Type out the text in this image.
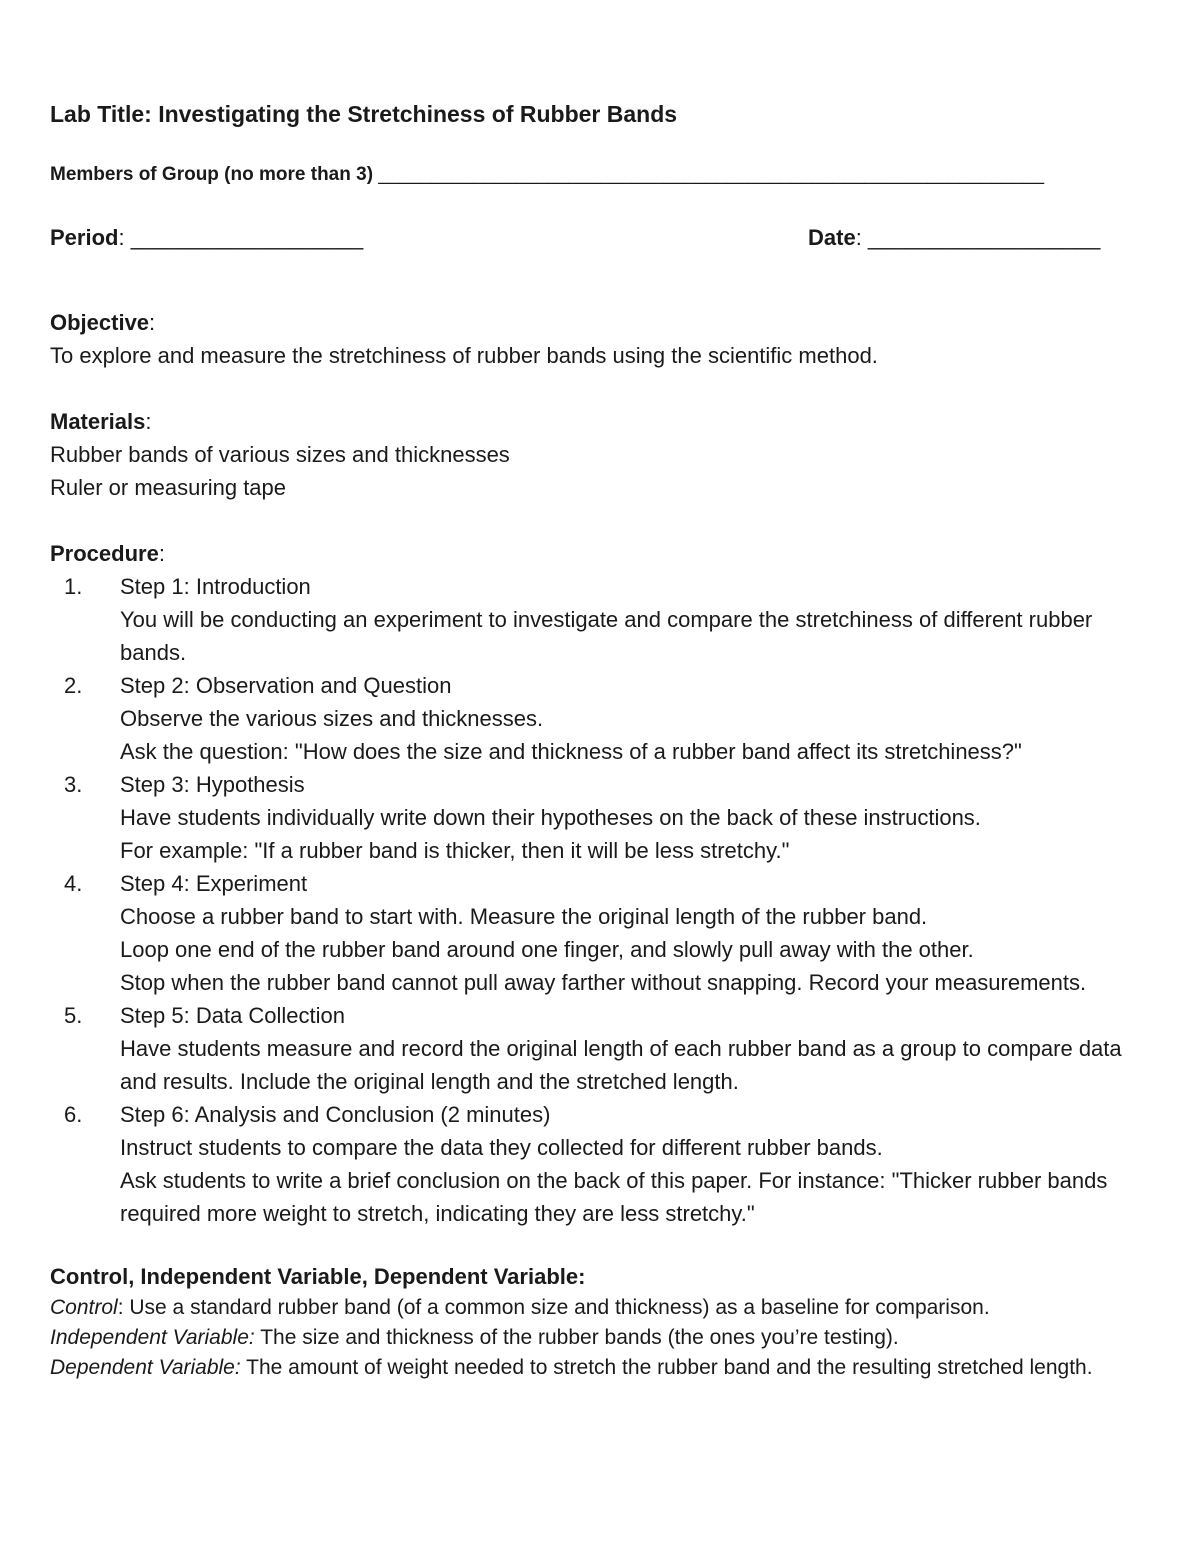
Lab Title: Investigating the Stretchiness of Rubber Bands
Members of Group (no more than 3) _______________________________________________________________
Period: ___________________	Date: ___________________
Objective:
To explore and measure the stretchiness of rubber bands using the scientific method.
Materials:
Rubber bands of various sizes and thicknesses
Ruler or measuring tape
Procedure:
1. Step 1: Introduction
You will be conducting an experiment to investigate and compare the stretchiness of different rubber bands.
2. Step 2: Observation and Question
Observe the various sizes and thicknesses.
Ask the question: "How does the size and thickness of a rubber band affect its stretchiness?"
3. Step 3: Hypothesis
Have students individually write down their hypotheses on the back of these instructions.
For example: "If a rubber band is thicker, then it will be less stretchy."
4. Step 4: Experiment
Choose a rubber band to start with. Measure the original length of the rubber band.
Loop one end of the rubber band around one finger, and slowly pull away with the other.
Stop when the rubber band cannot pull away farther without snapping. Record your measurements.
5. Step 5: Data Collection
Have students measure and record the original length of each rubber band as a group to compare data and results. Include the original length and the stretched length.
6. Step 6: Analysis and Conclusion (2 minutes)
Instruct students to compare the data they collected for different rubber bands.
Ask students to write a brief conclusion on the back of this paper. For instance: "Thicker rubber bands required more weight to stretch, indicating they are less stretchy."
Control, Independent Variable, Dependent Variable:
Control: Use a standard rubber band (of a common size and thickness) as a baseline for comparison.
Independent Variable: The size and thickness of the rubber bands (the ones you’re testing).
Dependent Variable: The amount of weight needed to stretch the rubber band and the resulting stretched length.
